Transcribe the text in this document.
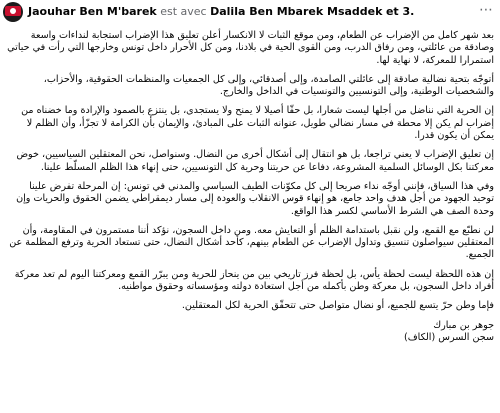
Jaouhar Ben M'barek est avec Dalila Ben Mbarek Msaddek et 3.	⋯

بعد شهر كامل من الإضراب عن الطعام، ومن موقع الثبات لا الانكسار أعلن تعليق هذا الإضراب استجابة لنداءات واسعة وصادقة من عائلتي، ومن رفاق الدرب، ومن القوى الحية في بلادنا، ومن كل الأحرار داخل تونس وخارجها التي رأت في حياتي استمرارا للمعركة، لا نهاية لها.

أتوجّه بتحية نضالية صادقة إلى عائلتي الصامدة، وإلى أصدقائي، وإلى كل الجمعيات والمنظمات الحقوقية، والأحزاب، والشخصيات الوطنية، وإلى التونسيين والتونسيات في الداخل والخارج.

إن الحرية التي نناضل من أجلها ليست شعارا، بل حقّا أصيلا لا يمنح ولا يستجدى، بل ينتزع بالصمود والإرادة وما خضناه من إضراب لم يكن إلا محطة في مسار نضالي طويل، عنوانه الثبات على المبادئ، والإيمان بأن الكرامة لا تجزّأ، وأن الظلم لا يمكن أن يكون قدرا.

إن تعليق الإضراب لا يعني تراجعا، بل هو انتقال إلى أشكال أخرى من النضال. وسنواصل، نحن المعتقلين السياسيين، خوض معركتنا بكل الوسائل السلمية المشروعة، دفاعا عن حريتنا وحرية كل التونسيين، حتى إنهاء هذا الظلم المسلّط علينا.

وفي هذا السياق، فإنني أوجّه نداء صريحا إلى كل مكوّنات الطيف السياسي والمدني في تونس: إن المرحلة تفرض علينا توحيد الجهود من أجل هدف واحد جامع، هو إنهاء قوس الانقلاب والعودة إلى مسار ديمقراطي يضمن الحقوق والحريات وإن وحدة الصف هي الشرط الأساسي لكسر هذا الواقع.

لن نطبّع مع القمع، ولن نقبل باستدامة الظلم أو التعايش معه. ومن داخل السجون، نؤكد أننا مستمرون في المقاومة، وأن المعتقلين سيواصلون تنسيق وتداول الإضراب عن الطعام بينهم، كأحد أشكال النضال، حتى تستعاد الحرية وترفع المظلمة عن الجميع.

إن هذه اللحظة ليست لحظة يأس، بل لحظة فرز تاريخي بين من ينحاز للحرية ومن يبرّر القمع ومعركتنا اليوم لم تعد معركة أفراد داخل السجون، بل معركة وطن بأكمله من أجل استعادة دولته ومؤسساته وحقوق مواطنيه.

فإما وطن حرّ يتسع للجميع، أو نضال متواصل حتى تتحقّق الحرية لكل المعتقلين.

جوهر بن مبارك
سجن السرس (الكاف)
